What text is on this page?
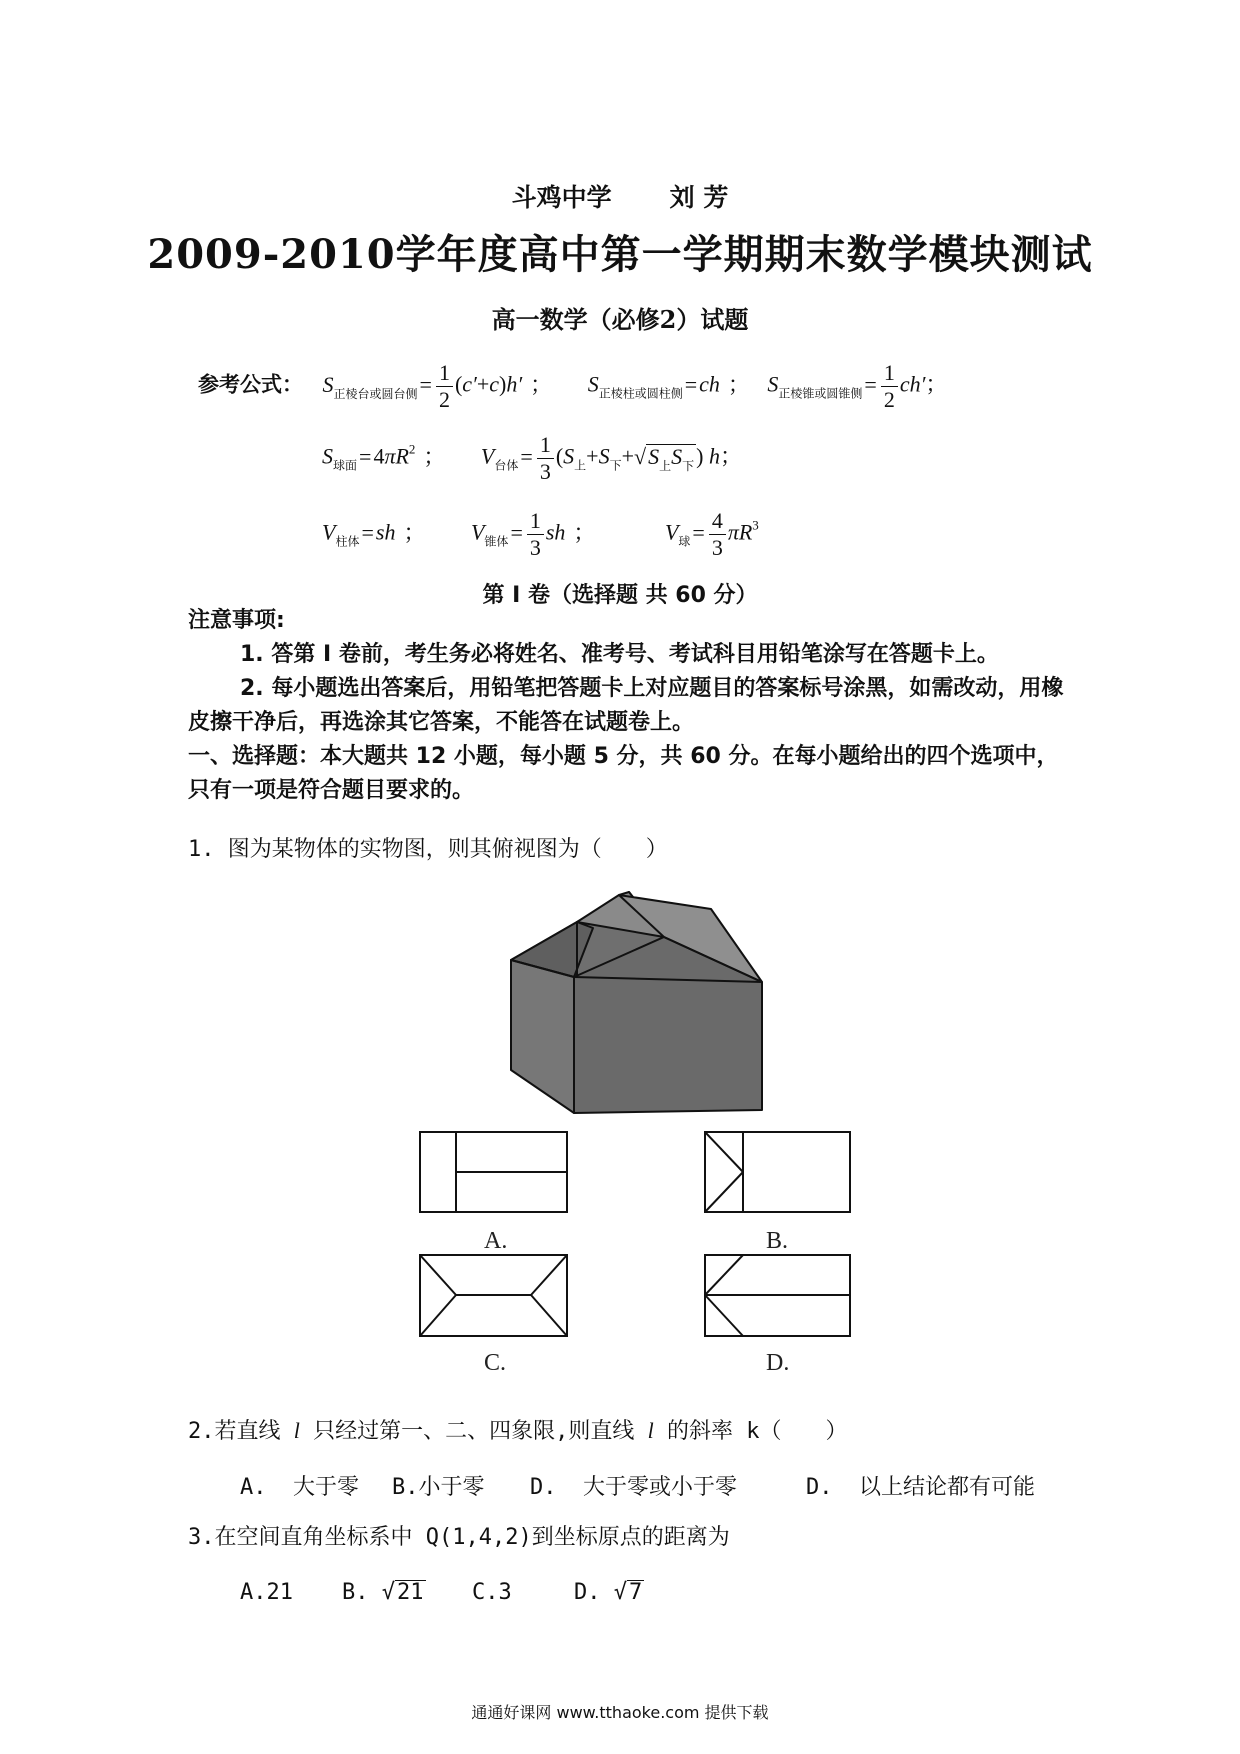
斗鸡中学 刘 芳
2009-2010学年度高中第一学期期末数学模块测试
高一数学（必修2）试题
参考公式： $S_{正棱台或圆台侧}= \frac{1}{2} (c'+c)h'$ ； $S_{正棱柱或圆柱侧}=ch$ ； $S_{正棱锥或圆锥侧}= \frac{1}{2} ch'$；
$S_{球面}=4\pi R^2$ ； $V_{台体}= \frac{1}{3} (S_上+S_下+√S_上S_下)$ h；
$V_{柱体}=sh$ ； $V_{锥体}= \frac{1}{3}$ sh ；	$V_球= \frac{4}{3} \pi R^3$
第 I 卷（选择题 共 60 分）
注意事项:
1. 答第 I 卷前，考生务必将姓名、准考号、考试科目用铅笔涂写在答题卡上。
2. 每小题选出答案后，用铅笔把答题卡上对应题目的答案标号涂黑，如需改动，用橡皮擦干净后，再选涂其它答案，不能答在试题卷上。
一、选择题：本大题共 12 小题，每小题 5 分，共 60 分。在每小题给出的四个选项中，只有一项是符合题目要求的。
1. 图为某物体的实物图，则其俯视图为（　　）
A.	B.
C.	D.
2.若直线 l 只经过第一、二、四象限,则直线 l 的斜率 k（　　）
A.  大于零 B.小于零 D.  大于零或小于零	D.  以上结论都有可能
3.在空间直角坐标系中 Q(1,4,2)到坐标原点的距离为
A.21 B. √21 C.3	D. √7
通通好课网 www.tthaoke.com 提供下载
